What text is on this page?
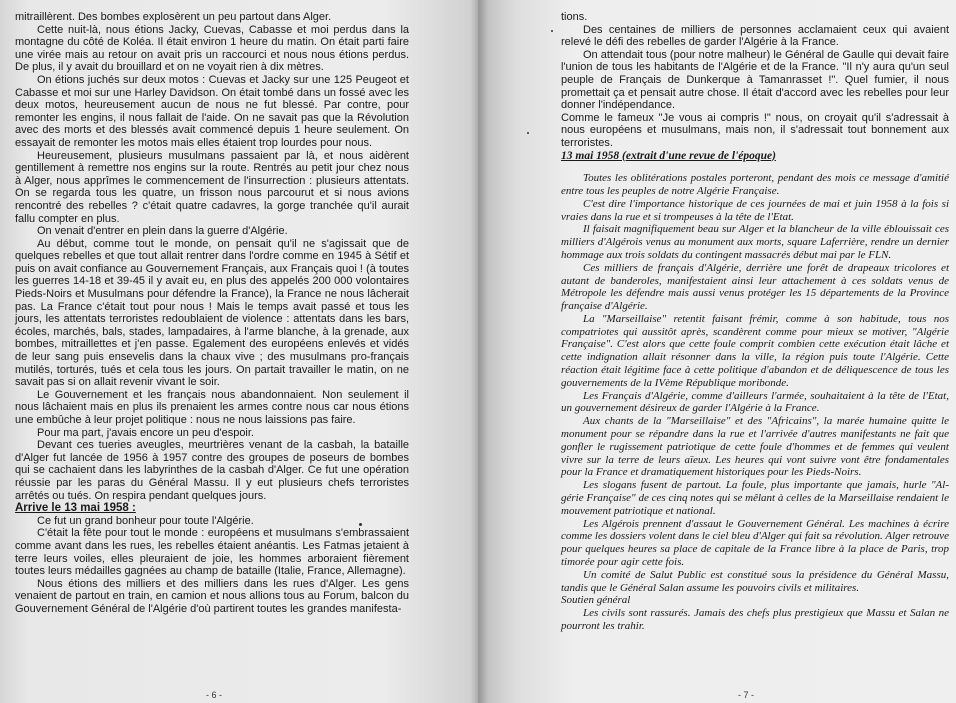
mitraillèrent. Des bombes explosèrent un peu partout dans Alger.

Cette nuit-là, nous étions Jacky, Cuevas, Cabasse et moi perdus dans la montagne du côté de Koléa. Il était environ 1 heure du matin. On était parti faire une virée mais au retour on avait pris un raccourci et nous nous étions perdus. De plus, il y avait du brouillard et on ne voyait rien à dix mètres.

On étions juchés sur deux motos : Cuevas et Jacky sur une 125 Peugeot et Cabasse et moi sur une Harley Davidson. On était tombé dans un fossé avec les deux motos, heureusement aucun de nous ne fut blessé. Par contre, pour remonter les engins, il nous fallait de l'aide. On ne savait pas que la Révolution avec des morts et des blessés avait commencé depuis 1 heure seulement. On essayait de remonter les motos mais elles étaient trop lourdes pour nous.

Heureusement, plusieurs musulmans passaient par là, et nous aidèrent gentillement à remettre nos engins sur la route. Rentrés au petit jour chez nous à Alger, nous apprîmes le commencement de l'insurrection : plusieurs attentats. On se regarda tous les quatre, un frisson nous parcourut et si nous avions rencontré des rebelles ? c'était quatre cadavres, la gorge tranchée qu'il aurait fallu compter en plus.

On venait d'entrer en plein dans la guerre d'Algérie.

Au début, comme tout le monde, on pensait qu'il ne s'agissait que de quelques rebelles et que tout allait rentrer dans l'ordre comme en 1945 à Sétif et puis on avait confiance au Gouvernement Français, aux Français quoi ! (à toutes les guerres 14-18 et 39-45 il y avait eu, en plus des appelés 200 000 volontaires Pieds-Noirs et Musulmans pour défendre la France), la France ne nous lâcherait pas. La France c'était tout pour nous ! Mais le temps avait passé et tous les jours, les attentats terroristes redoublaient de violence : attentats dans les bars, écoles, marchés, bals, stades, lampadaires, à l'arme blanche, à la grenade, aux bombes, mitraillettes et j'en passe. Egalement des européens enlevés et vidés de leur sang puis ensevelis dans la chaux vive ; des musulmans pro-français mutilés, torturés, tués et cela tous les jours. On partait travailler le matin, on ne savait pas si on allait revenir vivant le soir.

Le Gouvernement et les français nous abandonnaient. Non seulement il nous lâchaient mais en plus ils prenaient les armes contre nous car nous étions une embûche à leur projet politique : nous ne nous laissions pas faire.

Pour ma part, j'avais encore un peu d'espoir.

Devant ces tueries aveugles, meurtrières venant de la casbah, la bataille d'Alger fut lancée de 1956 à 1957 contre des groupes de poseurs de bombes qui se cachaient dans les labyrinthes de la casbah d'Alger. Ce fut une opération réussie par les paras du Général Massu. Il y eut plusieurs chefs terroristes arrêtés ou tués. On respira pendant quelques jours.

Arrive le 13 mai 1958 :

Ce fut un grand bonheur pour toute l'Algérie.

C'était la fête pour tout le monde : européens et musulmans s'embrassaient comme avant dans les rues, les rebelles étaient anéantis. Les Fatmas jetaient à terre leurs voiles, elles pleuraient de joie, les hommes arboraient fièrement toutes leurs médailles gagnées au champ de bataille (Italie, France, Allemagne).

Nous étions des milliers et des milliers dans les rues d'Alger. Les gens venaient de partout en train, en camion et nous allions tous au Forum, balcon du Gouvernement Général de l'Algérie d'où partirent toutes les grandes manifesta-

- 6 -

tions.

Des centaines de milliers de personnes acclamaient ceux qui avaient relevé le défi des rebelles de garder l'Algérie à la France.

On attendait tous (pour notre malheur) le Général de Gaulle qui devait faire l'union de tous les habitants de l'Algérie et de la France. "Il n'y aura qu'un seul peuple de Français de Dunkerque à Tamanrasset !". Quel fumier, il nous promettait ça et pensait autre chose. Il était d'accord avec les rebelles pour leur donner l'indépendance.

Comme le fameux "Je vous ai compris !" nous, on croyait qu'il s'adressait à nous européens et musulmans, mais non, il s'adressait tout bonnement aux terroristes.

13 mai 1958 (extrait d'une revue de l'époque)

Toutes les oblitérations postales porteront, pendant des mois ce message d'amitié entre tous les peuples de notre Algérie Française.

C'est dire l'importance historique de ces journées de mai et juin 1958 à la fois si vraies dans la rue et si trompeuses à la tête de l'Etat.

Il faisait magnifiquement beau sur Alger et la blancheur de la ville éblouissait ces milliers d'Algérois venus au monument aux morts, square Laferrière, rendre un dernier hommage aux trois soldats du contingent massacrés début mai par le FLN.

Ces milliers de français d'Algérie, derrière une forêt de drapeaux tricolores et autant de banderoles, manifestaient ainsi leur attachement à ces soldats venus de Métropole les défendre mais aussi venus protéger les 15 départements de la Province française d'Algérie.

La "Marseillaise" retentit faisant frémir, comme à son habitude, tous nos compatriotes qui aussitôt après, scandèrent comme pour mieux se motiver, "Algérie Française". C'est alors que cette foule comprit combien cette exécution était lâche et cette indignation allait résonner dans la ville, la région puis toute l'Algérie. Cette réaction était légitime face à cette politique d'abandon et de déliquescence de tous les gouvernements de la IVème République moribonde.

Les Français d'Algérie, comme d'ailleurs l'armée, souhaitaient à la tête de l'Etat, un gouvernement désireux de garder l'Algérie à la France.

Aux chants de la "Marseillaise" et des "Africains", la marée humaine quitte le monument pour se répandre dans la rue et l'arrivée d'autres manifestants ne fait que gonfler le rugissement patriotique de cette foule d'hommes et de femmes qui veulent vivre sur la terre de leurs aïeux. Les heures qui vont suivre vont être fondamentales pour la France et dramatiquement historiques pour les Pieds-Noirs.

Les slogans fusent de partout. La foule, plus importante que jamais, hurle "Al-gérie Française" de ces cinq notes qui se mêlant à celles de la Marseillaise rendaient le mouvement patriotique et national.

Les Algérois prennent d'assaut le Gouvernement Général. Les machines à écrire comme les dossiers volent dans le ciel bleu d'Alger qui fait sa révolution. Alger retrouve pour quelques heures sa place de capitale de la France libre à la place de Paris, trop timorée pour agir cette fois.

Un comité de Salut Public est constitué sous la présidence du Général Massu, tandis que le Général Salan assume les pouvoirs civils et militaires.

Soutien général

Les civils sont rassurés. Jamais des chefs plus prestigieux que Massu et Salan ne pourront les trahir.

- 7 -
